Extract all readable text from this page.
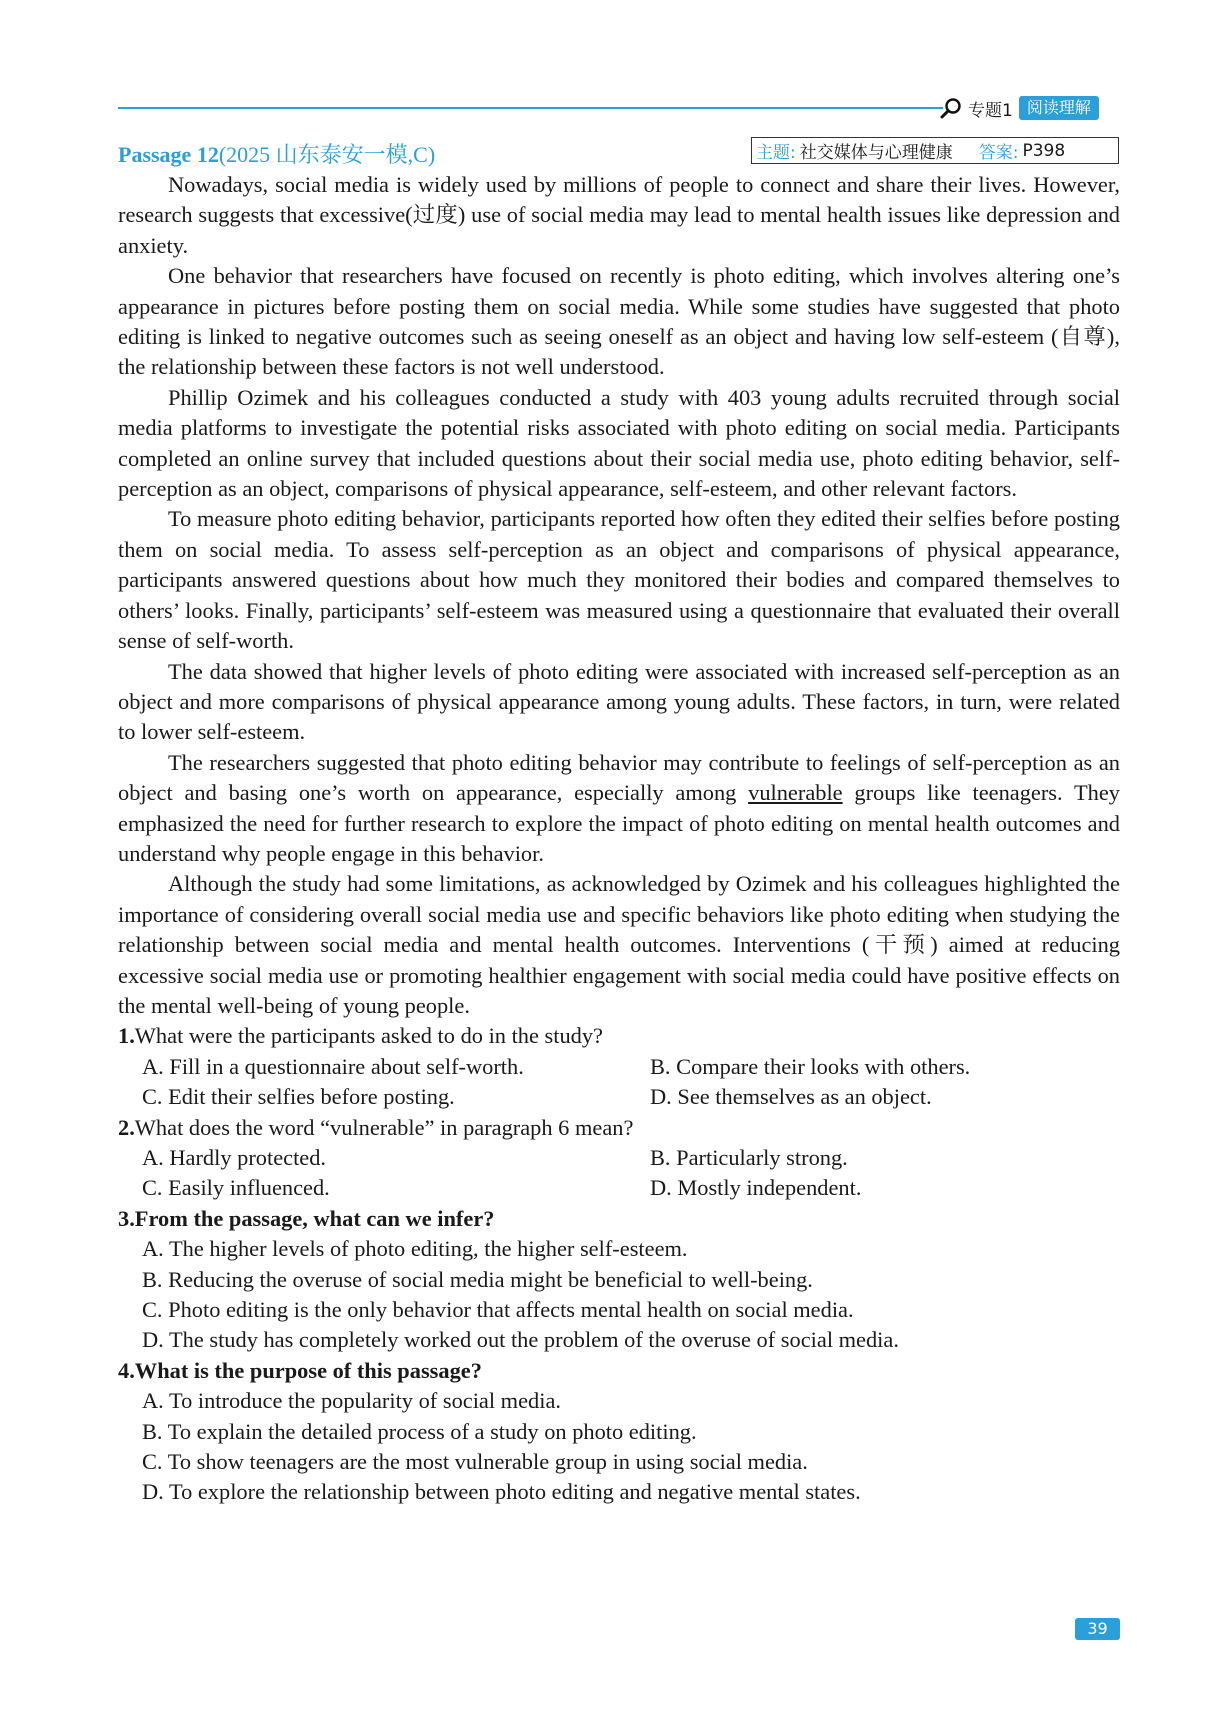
专题1 阅读理解
Passage 12(2025 山东泰安一模,C)	主题: 社交媒体与心理健康 答案: P398

Nowadays, social media is widely used by millions of people to connect and share their lives. However, research suggests that excessive(过度) use of social media may lead to mental health issues like depression and anxiety.

One behavior that researchers have focused on recently is photo editing, which involves altering one’s appearance in pictures before posting them on social media. While some studies have suggested that photo editing is linked to negative outcomes such as seeing oneself as an object and having low self-esteem (自尊), the relationship between these factors is not well understood.

Phillip Ozimek and his colleagues conducted a study with 403 young adults recruited through social media platforms to investigate the potential risks associated with photo editing on social media. Participants completed an online survey that included questions about their social media use, photo editing behavior, self-perception as an object, comparisons of physical appearance, self-esteem, and other relevant factors.

To measure photo editing behavior, participants reported how often they edited their selfies before posting them on social media. To assess self-perception as an object and comparisons of physical appearance, participants answered questions about how much they monitored their bodies and compared themselves to others’ looks. Finally, participants’ self-esteem was measured using a questionnaire that evaluated their overall sense of self-worth.

The data showed that higher levels of photo editing were associated with increased self-perception as an object and more comparisons of physical appearance among young adults. These factors, in turn, were related to lower self-esteem.

The researchers suggested that photo editing behavior may contribute to feelings of self-perception as an object and basing one’s worth on appearance, especially among vulnerable groups like teenagers. They emphasized the need for further research to explore the impact of photo editing on mental health outcomes and understand why people engage in this behavior.

Although the study had some limitations, as acknowledged by Ozimek and his colleagues highlighted the importance of considering overall social media use and specific behaviors like photo editing when studying the relationship between social media and mental health outcomes. Interventions (干预) aimed at reducing excessive social media use or promoting healthier engagement with social media could have positive effects on the mental well-being of young people.

1.What were the participants asked to do in the study?
A. Fill in a questionnaire about self-worth.	B. Compare their looks with others.
C. Edit their selfies before posting.	D. See themselves as an object.
2.What does the word “vulnerable” in paragraph 6 mean?
A. Hardly protected.	B. Particularly strong.
C. Easily influenced.	D. Mostly independent.
3.From the passage, what can we infer?
A. The higher levels of photo editing, the higher self-esteem.
B. Reducing the overuse of social media might be beneficial to well-being.
C. Photo editing is the only behavior that affects mental health on social media.
D. The study has completely worked out the problem of the overuse of social media.
4.What is the purpose of this passage?
A. To introduce the popularity of social media.
B. To explain the detailed process of a study on photo editing.
C. To show teenagers are the most vulnerable group in using social media.
D. To explore the relationship between photo editing and negative mental states.
39
